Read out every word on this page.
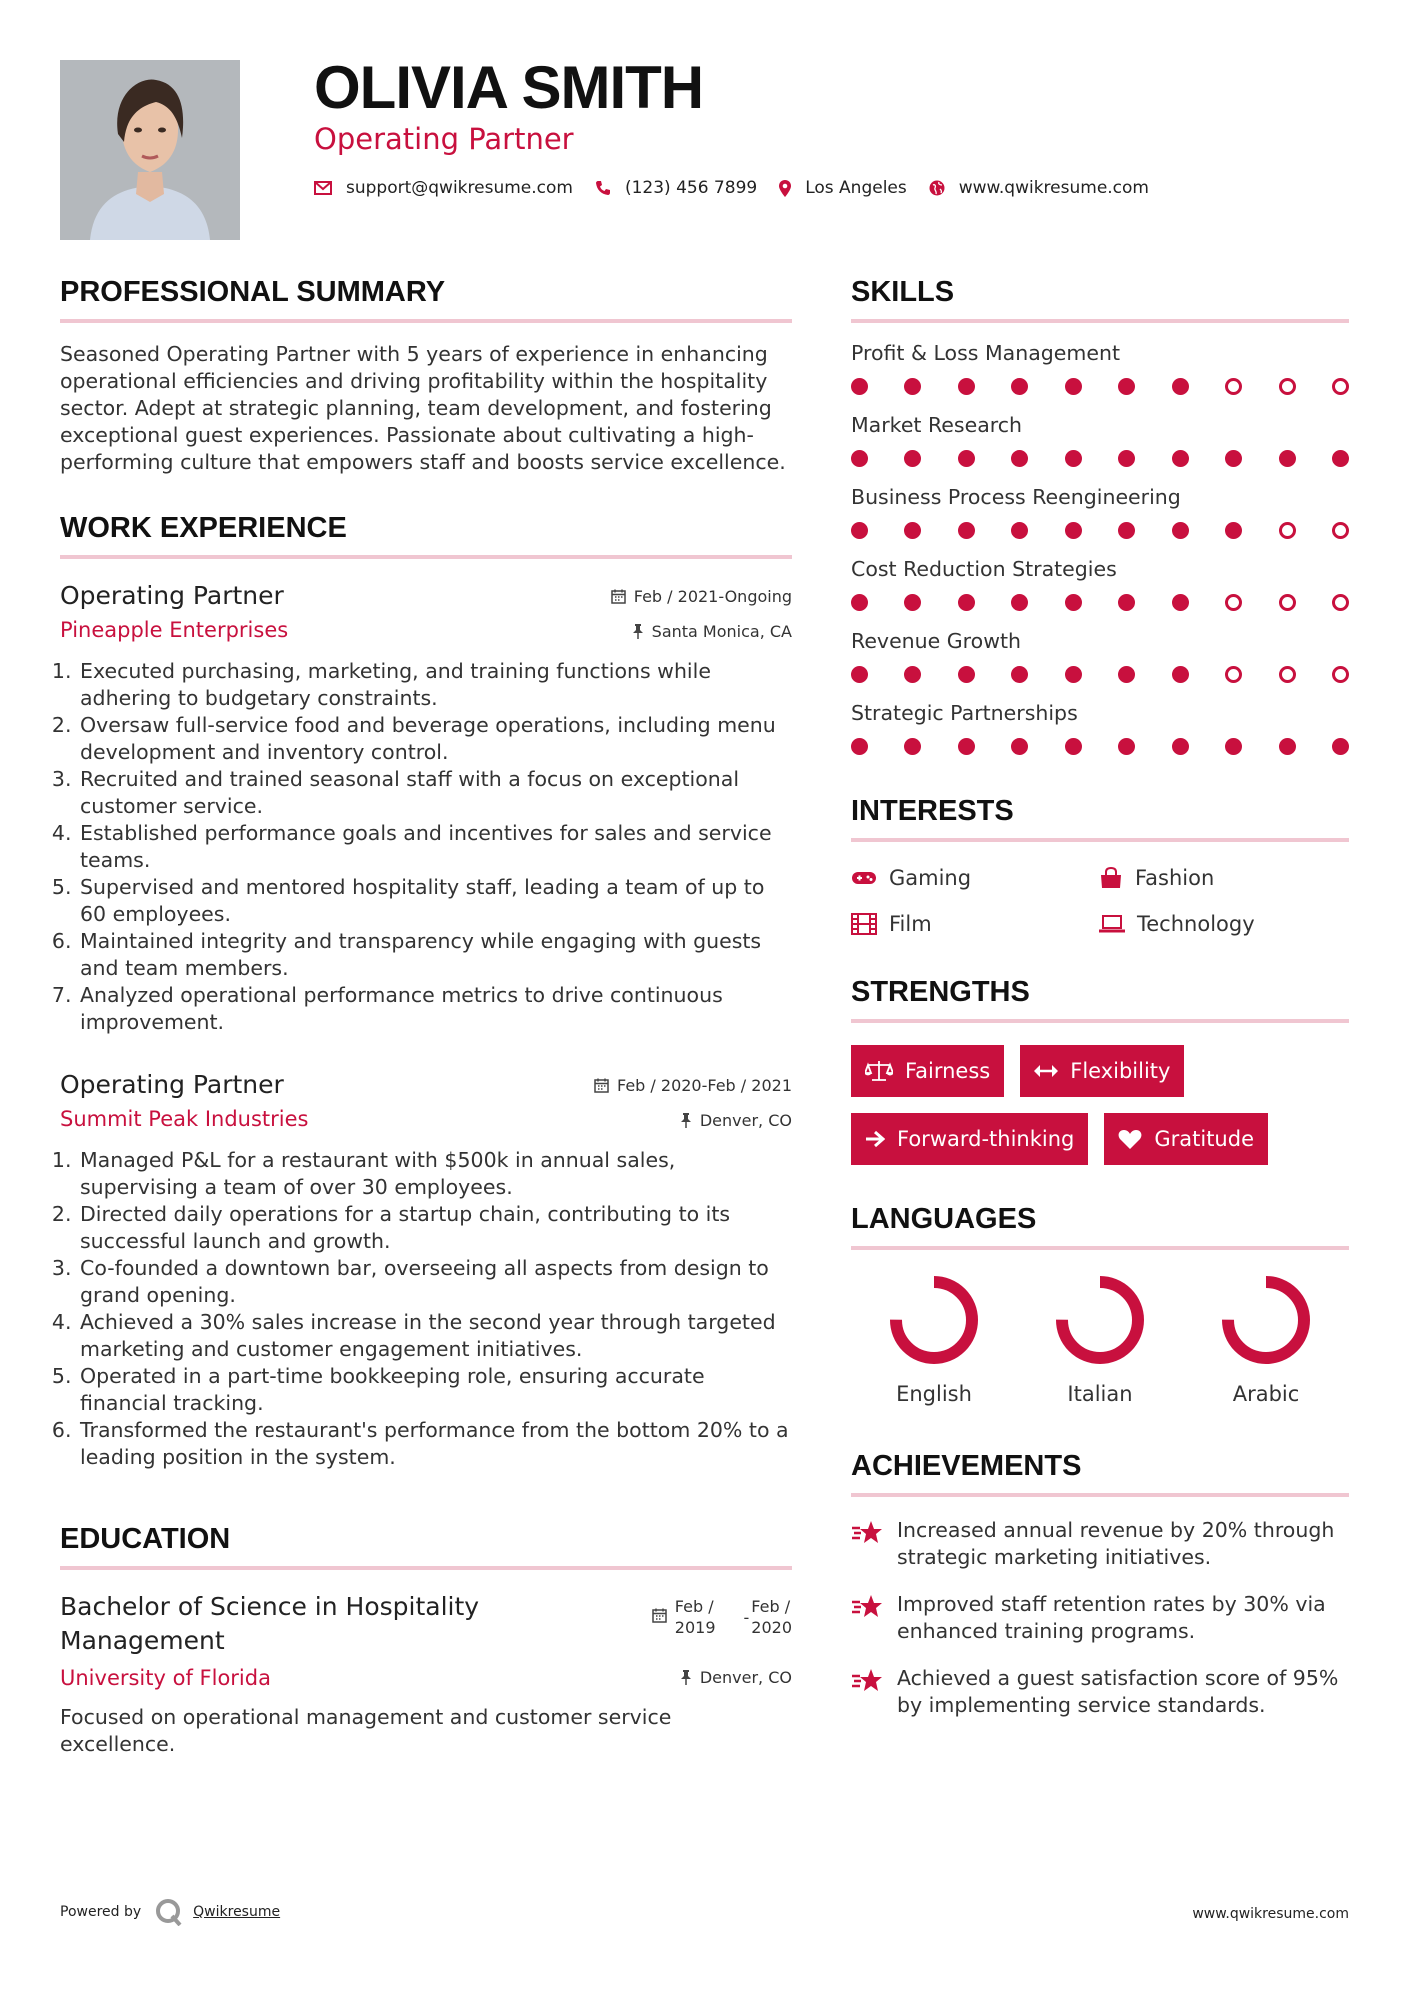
OLIVIA SMITH
Operating Partner
support@qwikresume.com	(123) 456 7899	Los Angeles	www.qwikresume.com
PROFESSIONAL SUMMARY

Seasoned Operating Partner with 5 years of experience in enhancing operational efficiencies and driving profitability within the hospitality sector. Adept at strategic planning, team development, and fostering exceptional guest experiences. Passionate about cultivating a high-performing culture that empowers staff and boosts service excellence.

WORK EXPERIENCE
Operating Partner
Pineapple Enterprises
Feb / 2021-Ongoing
Santa Monica, CA
1. Executed purchasing, marketing, and training functions while adhering to budgetary constraints.
2. Oversaw full-service food and beverage operations, including menu development and inventory control.
3. Recruited and trained seasonal staff with a focus on exceptional customer service.
4. Established performance goals and incentives for sales and service teams.
5. Supervised and mentored hospitality staff, leading a team of up to 60 employees.
6. Maintained integrity and transparency while engaging with guests and team members.
7. Analyzed operational performance metrics to drive continuous improvement.
Operating Partner
Summit Peak Industries
Feb / 2020-Feb / 2021
Denver, CO
1. Managed P&L for a restaurant with $500k in annual sales, supervising a team of over 30 employees.
2. Directed daily operations for a startup chain, contributing to its successful launch and growth.
3. Co-founded a downtown bar, overseeing all aspects from design to grand opening.
4. Achieved a 30% sales increase in the second year through targeted marketing and customer engagement initiatives.
5. Operated in a part-time bookkeeping role, ensuring accurate financial tracking.
6. Transformed the restaurant's performance from the bottom 20% to a leading position in the system.
EDUCATION
Bachelor of Science in Hospitality Management
University of Florida
Feb /
2019
-
Feb /
2020
Denver, CO

Focused on operational management and customer service excellence.

SKILLS
Profit & Loss Management
Market Research
Business Process Reengineering
Cost Reduction Strategies
Revenue Growth
Strategic Partnerships
INTERESTS
Gaming	Fashion
Film	Technology
STRENGTHS
Fairness	Flexibility
Forward-thinking	Gratitude
LANGUAGES
English	Italian	Arabic
ACHIEVEMENTS
Increased annual revenue by 20% through strategic marketing initiatives.
Improved staff retention rates by 30% via enhanced training programs.
Achieved a guest satisfaction score of 95% by implementing service standards.
Powered by	Qwikresume	www.qwikresume.com
